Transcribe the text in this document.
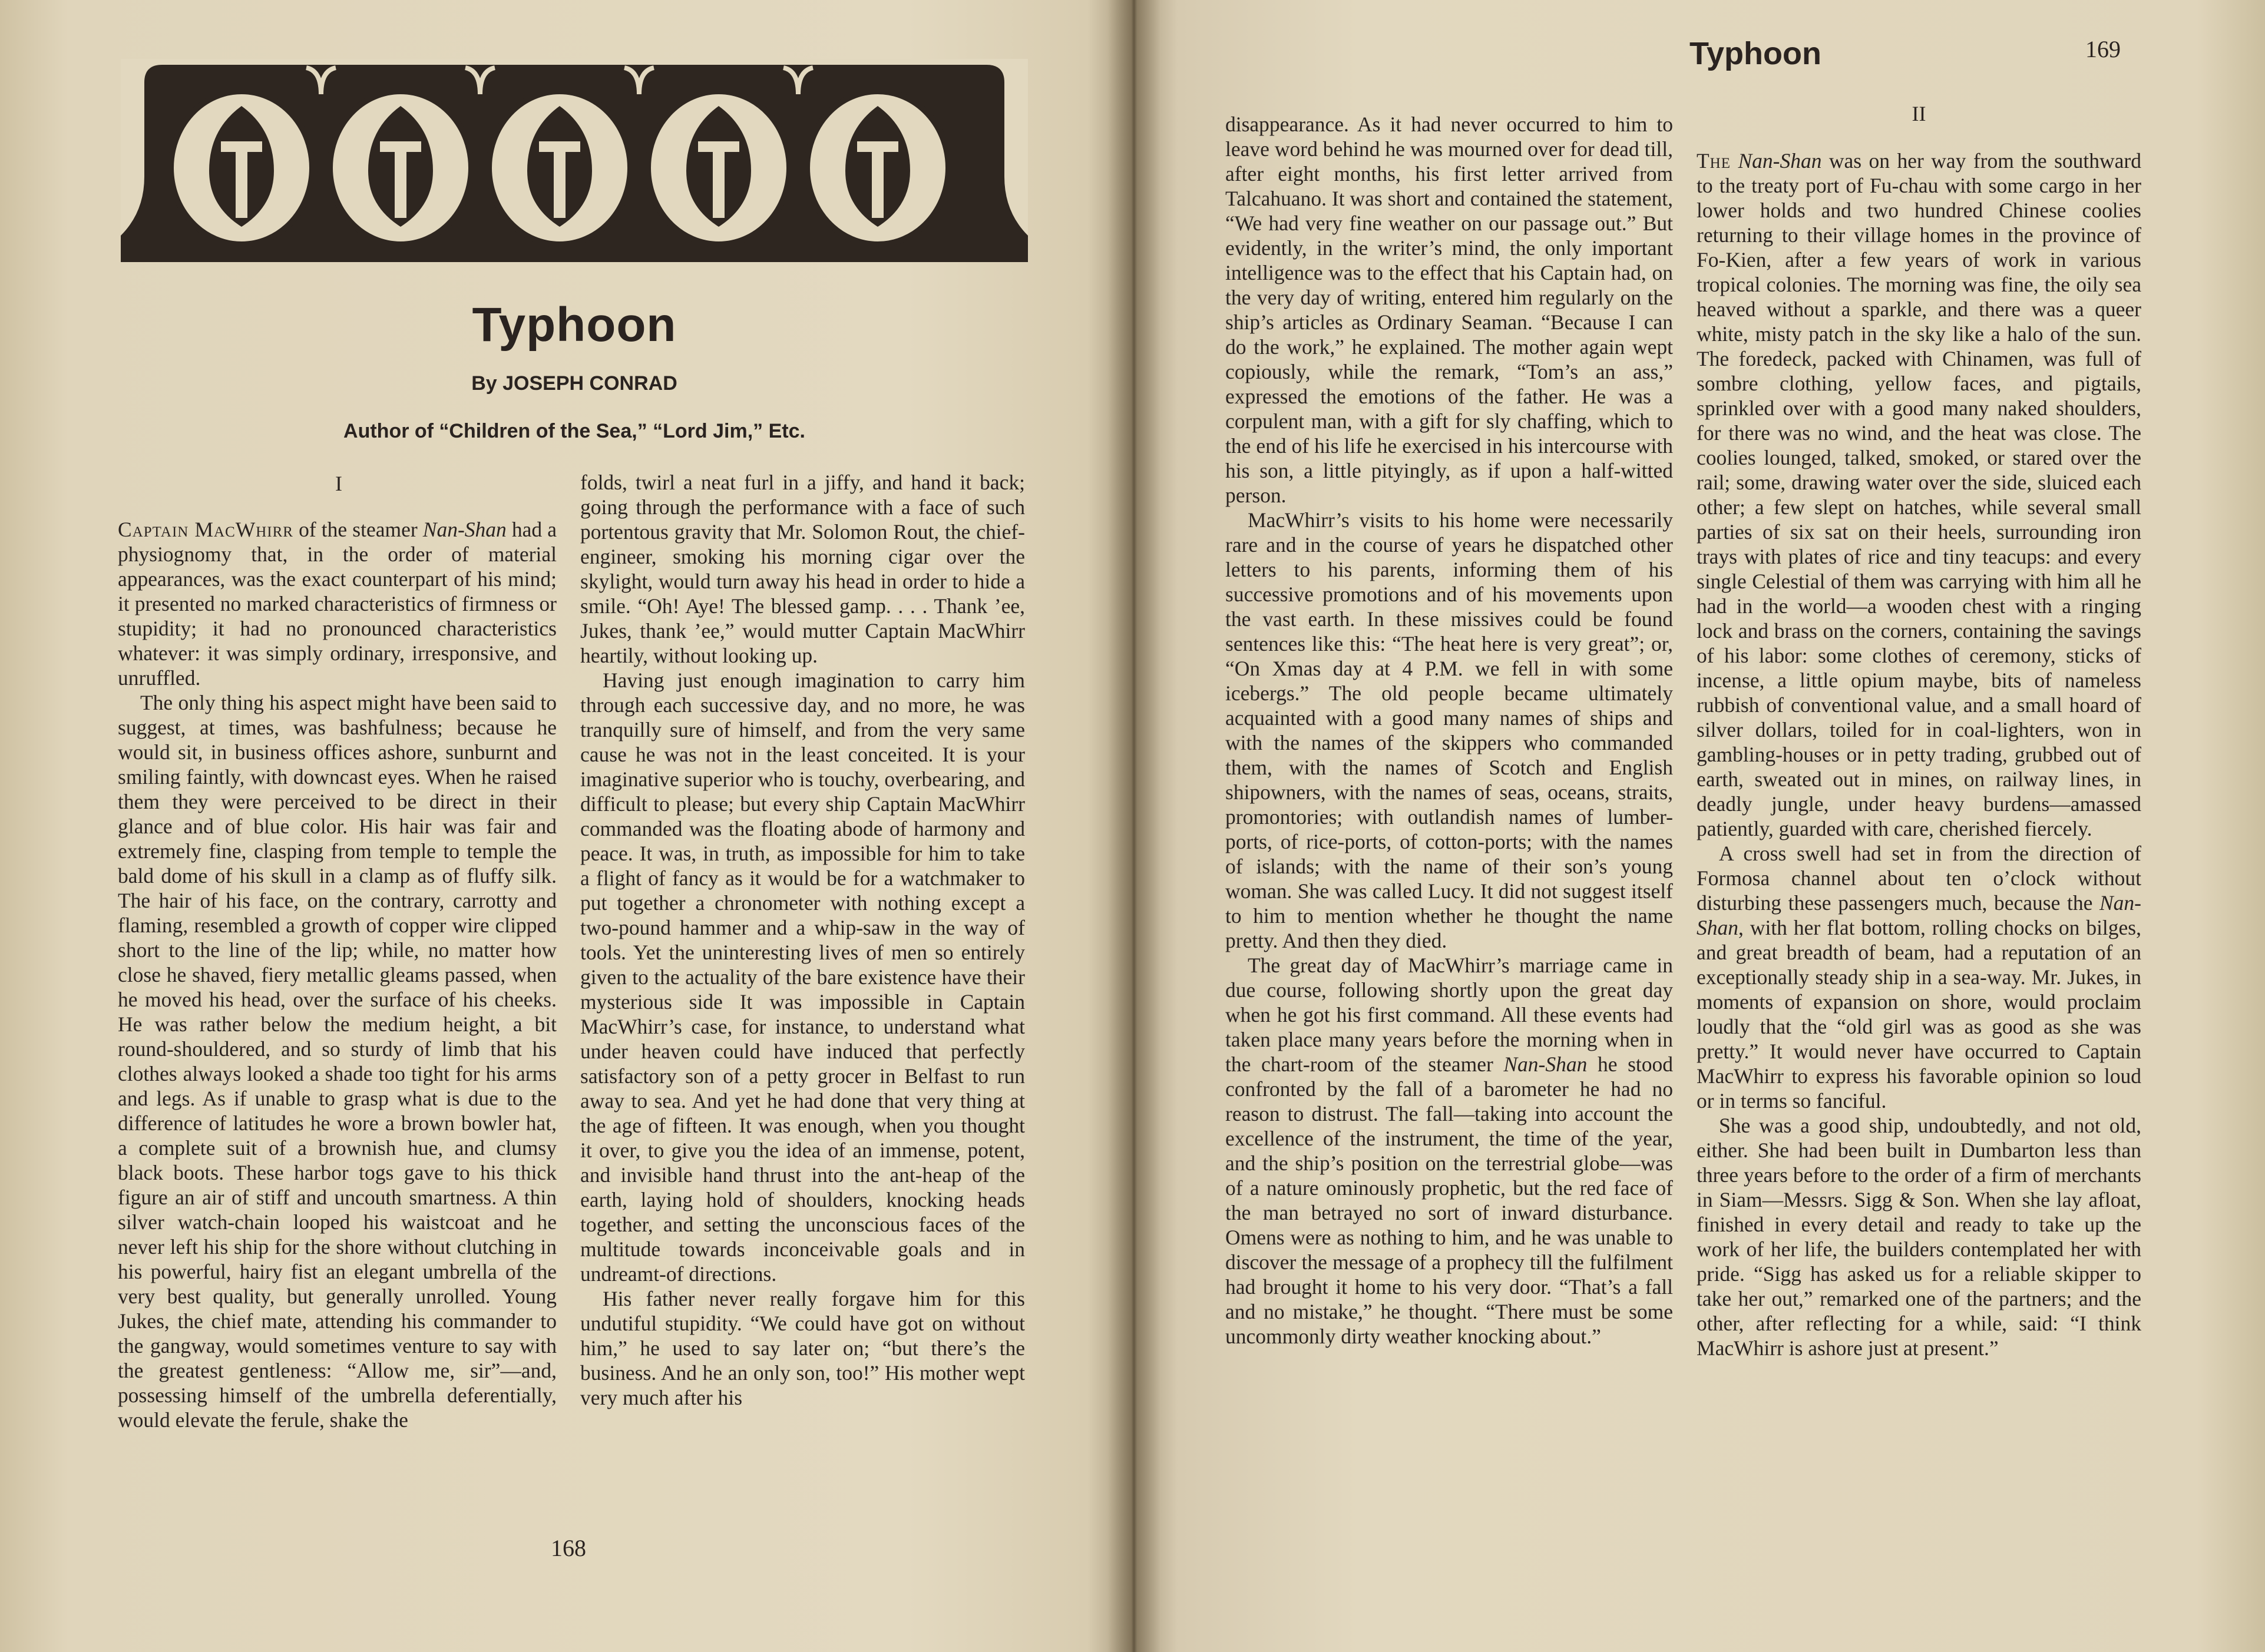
Typhoon
By JOSEPH CONRAD
Author of “Children of the Sea,” “Lord Jim,” Etc.
I

Captain MacWhirr of the steamer Nan-Shan had a physiognomy that, in the order of material appearances, was the exact counterpart of his mind; it presented no marked characteristics of firmness or stupidity; it had no pronounced characteristics whatever: it was simply ordinary, irresponsive, and unruffled.

The only thing his aspect might have been said to suggest, at times, was bashfulness; because he would sit, in business offices ashore, sunburnt and smiling faintly, with downcast eyes. When he raised them they were perceived to be direct in their glance and of blue color. His hair was fair and extremely fine, clasping from temple to temple the bald dome of his skull in a clamp as of fluffy silk. The hair of his face, on the contrary, carrotty and flaming, resembled a growth of copper wire clipped short to the line of the lip; while, no matter how close he shaved, fiery metallic gleams passed, when he moved his head, over the surface of his cheeks. He was rather below the medium height, a bit round-shouldered, and so sturdy of limb that his clothes always looked a shade too tight for his arms and legs. As if unable to grasp what is due to the difference of latitudes he wore a brown bowler hat, a complete suit of a brownish hue, and clumsy black boots. These harbor togs gave to his thick figure an air of stiff and uncouth smartness. A thin silver watch-chain looped his waistcoat and he never left his ship for the shore without clutching in his powerful, hairy fist an elegant umbrella of the very best quality, but generally unrolled. Young Jukes, the chief mate, attending his commander to the gangway, would sometimes venture to say with the greatest gentleness: “Allow me, sir”—and, possessing himself of the umbrella deferentially, would elevate the ferule, shake the

folds, twirl a neat furl in a jiffy, and hand it back; going through the performance with a face of such portentous gravity that Mr. Solomon Rout, the chief-engineer, smoking his morning cigar over the skylight, would turn away his head in order to hide a smile. “Oh! Aye! The blessed gamp. . . . Thank ’ee, Jukes, thank ’ee,” would mutter Captain MacWhirr heartily, without looking up.

Having just enough imagination to carry him through each successive day, and no more, he was tranquilly sure of himself, and from the very same cause he was not in the least conceited. It is your imaginative superior who is touchy, overbearing, and difficult to please; but every ship Captain MacWhirr commanded was the floating abode of harmony and peace. It was, in truth, as impossible for him to take a flight of fancy as it would be for a watchmaker to put together a chronometer with nothing except a two-pound hammer and a whip-saw in the way of tools. Yet the uninteresting lives of men so entirely given to the actuality of the bare existence have their mysterious side It was impossible in Captain MacWhirr’s case, for instance, to understand what under heaven could have induced that perfectly satisfactory son of a petty grocer in Belfast to run away to sea. And yet he had done that very thing at the age of fifteen. It was enough, when you thought it over, to give you the idea of an immense, potent, and invisible hand thrust into the ant-heap of the earth, laying hold of shoulders, knocking heads together, and setting the unconscious faces of the multitude towards inconceivable goals and in undreamt-of directions.

His father never really forgave him for this undutiful stupidity. “We could have got on without him,” he used to say later on; “but there’s the business. And he an only son, too!” His mother wept very much after his

168
169
Typhoon

disappearance. As it had never occurred to him to leave word behind he was mourned over for dead till, after eight months, his first letter arrived from Talcahuano. It was short and contained the statement, “We had very fine weather on our passage out.” But evidently, in the writer’s mind, the only important intelligence was to the effect that his Captain had, on the very day of writing, entered him regularly on the ship’s articles as Ordinary Seaman. “Because I can do the work,” he explained. The mother again wept copiously, while the remark, “Tom’s an ass,” expressed the emotions of the father. He was a corpulent man, with a gift for sly chaffing, which to the end of his life he exercised in his intercourse with his son, a little pityingly, as if upon a half-witted person.

MacWhirr’s visits to his home were necessarily rare and in the course of years he dispatched other letters to his parents, informing them of his successive promotions and of his movements upon the vast earth. In these missives could be found sentences like this: “The heat here is very great”; or, “On Xmas day at 4 P.M. we fell in with some icebergs.” The old people became ultimately acquainted with a good many names of ships and with the names of the skippers who commanded them, with the names of Scotch and English shipowners, with the names of seas, oceans, straits, promontories; with outlandish names of lumber-ports, of rice-ports, of cotton-ports; with the names of islands; with the name of their son’s young woman. She was called Lucy. It did not suggest itself to him to mention whether he thought the name pretty. And then they died.

The great day of MacWhirr’s marriage came in due course, following shortly upon the great day when he got his first command. All these events had taken place many years before the morning when in the chart-room of the steamer Nan-Shan he stood confronted by the fall of a barometer he had no reason to distrust. The fall—taking into account the excellence of the instrument, the time of the year, and the ship’s position on the terrestrial globe—was of a nature ominously prophetic, but the red face of the man betrayed no sort of inward disturbance. Omens were as nothing to him, and he was unable to discover the message of a prophecy till the fulfilment had brought it home to his very door. “That’s a fall and no mistake,” he thought. “There must be some uncommonly dirty weather knocking about.”

II

The Nan-Shan was on her way from the southward to the treaty port of Fu-chau with some cargo in her lower holds and two hundred Chinese coolies returning to their village homes in the province of Fo-Kien, after a few years of work in various tropical colonies. The morning was fine, the oily sea heaved without a sparkle, and there was a queer white, misty patch in the sky like a halo of the sun. The foredeck, packed with Chinamen, was full of sombre clothing, yellow faces, and pigtails, sprinkled over with a good many naked shoulders, for there was no wind, and the heat was close. The coolies lounged, talked, smoked, or stared over the rail; some, drawing water over the side, sluiced each other; a few slept on hatches, while several small parties of six sat on their heels, surrounding iron trays with plates of rice and tiny teacups: and every single Celestial of them was carrying with him all he had in the world—a wooden chest with a ringing lock and brass on the corners, containing the savings of his labor: some clothes of ceremony, sticks of incense, a little opium maybe, bits of nameless rubbish of conventional value, and a small hoard of silver dollars, toiled for in coal-lighters, won in gambling-houses or in petty trading, grubbed out of earth, sweated out in mines, on railway lines, in deadly jungle, under heavy burdens—amassed patiently, guarded with care, cherished fiercely.

A cross swell had set in from the direction of Formosa channel about ten o’clock without disturbing these passengers much, because the Nan-Shan, with her flat bottom, rolling chocks on bilges, and great breadth of beam, had a reputation of an exceptionally steady ship in a sea-way. Mr. Jukes, in moments of expansion on shore, would proclaim loudly that the “old girl was as good as she was pretty.” It would never have occurred to Captain MacWhirr to express his favorable opinion so loud or in terms so fanciful.

She was a good ship, undoubtedly, and not old, either. She had been built in Dumbarton less than three years before to the order of a firm of merchants in Siam—Messrs. Sigg & Son. When she lay afloat, finished in every detail and ready to take up the work of her life, the builders contemplated her with pride. “Sigg has asked us for a reliable skipper to take her out,” remarked one of the partners; and the other, after reflecting for a while, said: “I think MacWhirr is ashore just at present.”
